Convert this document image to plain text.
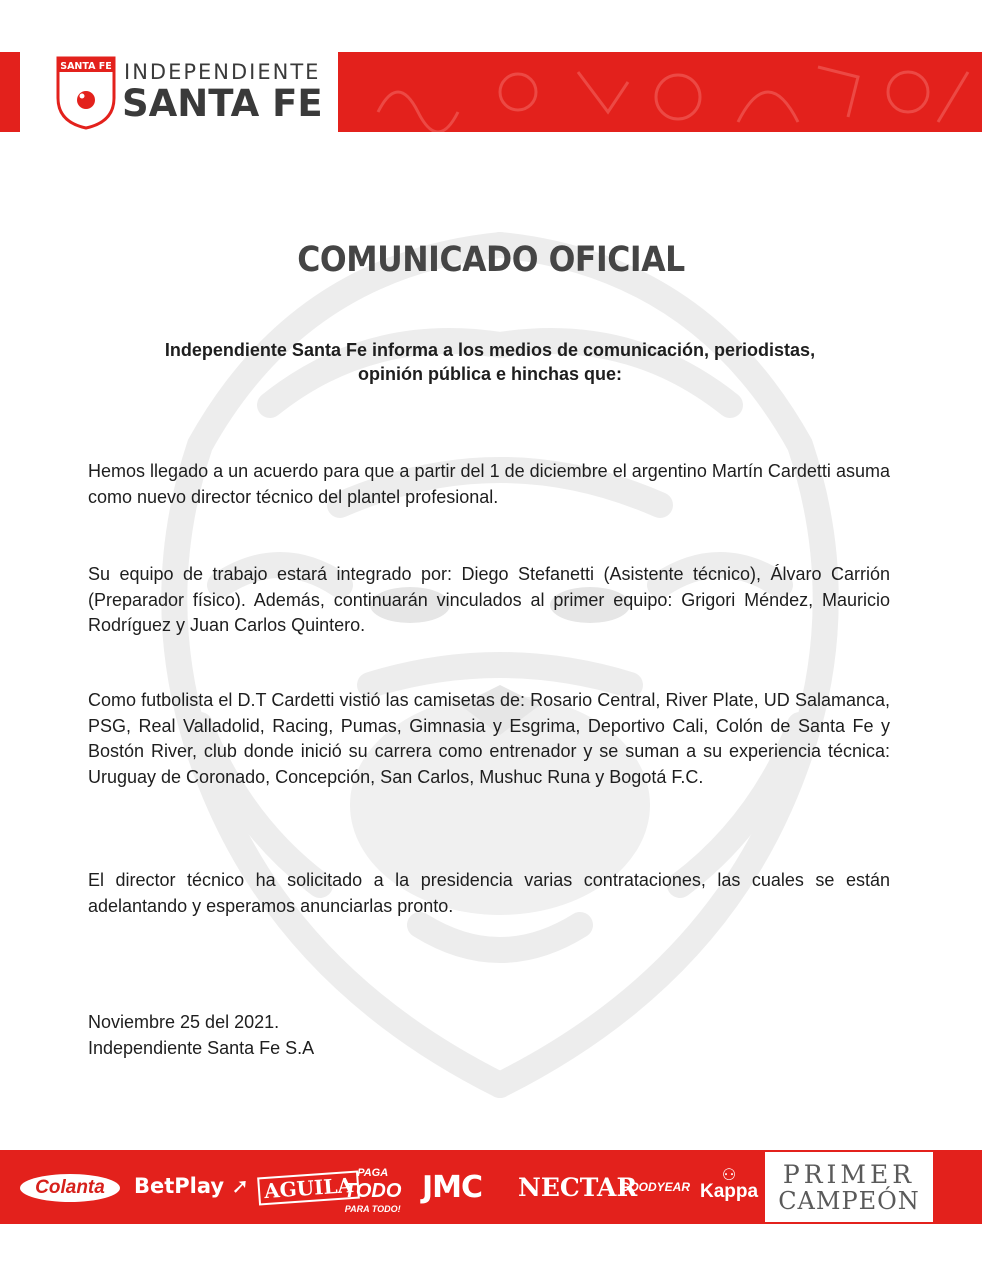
SANTA FE INDEPENDIENTE
SANTA FE
COMUNICADO OFICIAL
Independiente Santa Fe informa a los medios de comunicación, periodistas, opinión pública e hinchas que:
Hemos llegado a un acuerdo para que a partir del 1 de diciembre el argentino Martín Cardetti asuma como nuevo director técnico del plantel profesional.
Su equipo de trabajo estará integrado por: Diego Stefanetti (Asistente técnico), Álvaro Carrión (Preparador físico). Además, continuarán vinculados al primer equipo: Grigori Méndez, Mauricio Rodríguez y Juan Carlos Quintero.
Como futbolista el D.T Cardetti vistió las camisetas de: Rosario Central, River Plate, UD Salamanca, PSG, Real Valladolid, Racing, Pumas, Gimnasia y Esgrima, Deportivo Cali, Colón de Santa Fe y Bostón River, club donde inició su carrera como entrenador y se suman a su experiencia técnica: Uruguay de Coronado, Concepción, San Carlos, Mushuc Runa y Bogotá F.C.
El director técnico ha solicitado a la presidencia varias contrataciones, las cuales se están adelantando y esperamos anunciarlas pronto.
Noviembre 25 del 2021.
Independiente Santa Fe S.A
Colanta	BetPlay ➚ AGUILA PAGA
TODO
PARA TODO!
JMC NECTAR
GOODYEAR
⚇
Kappa
PRIMER
CAMPEÓN
